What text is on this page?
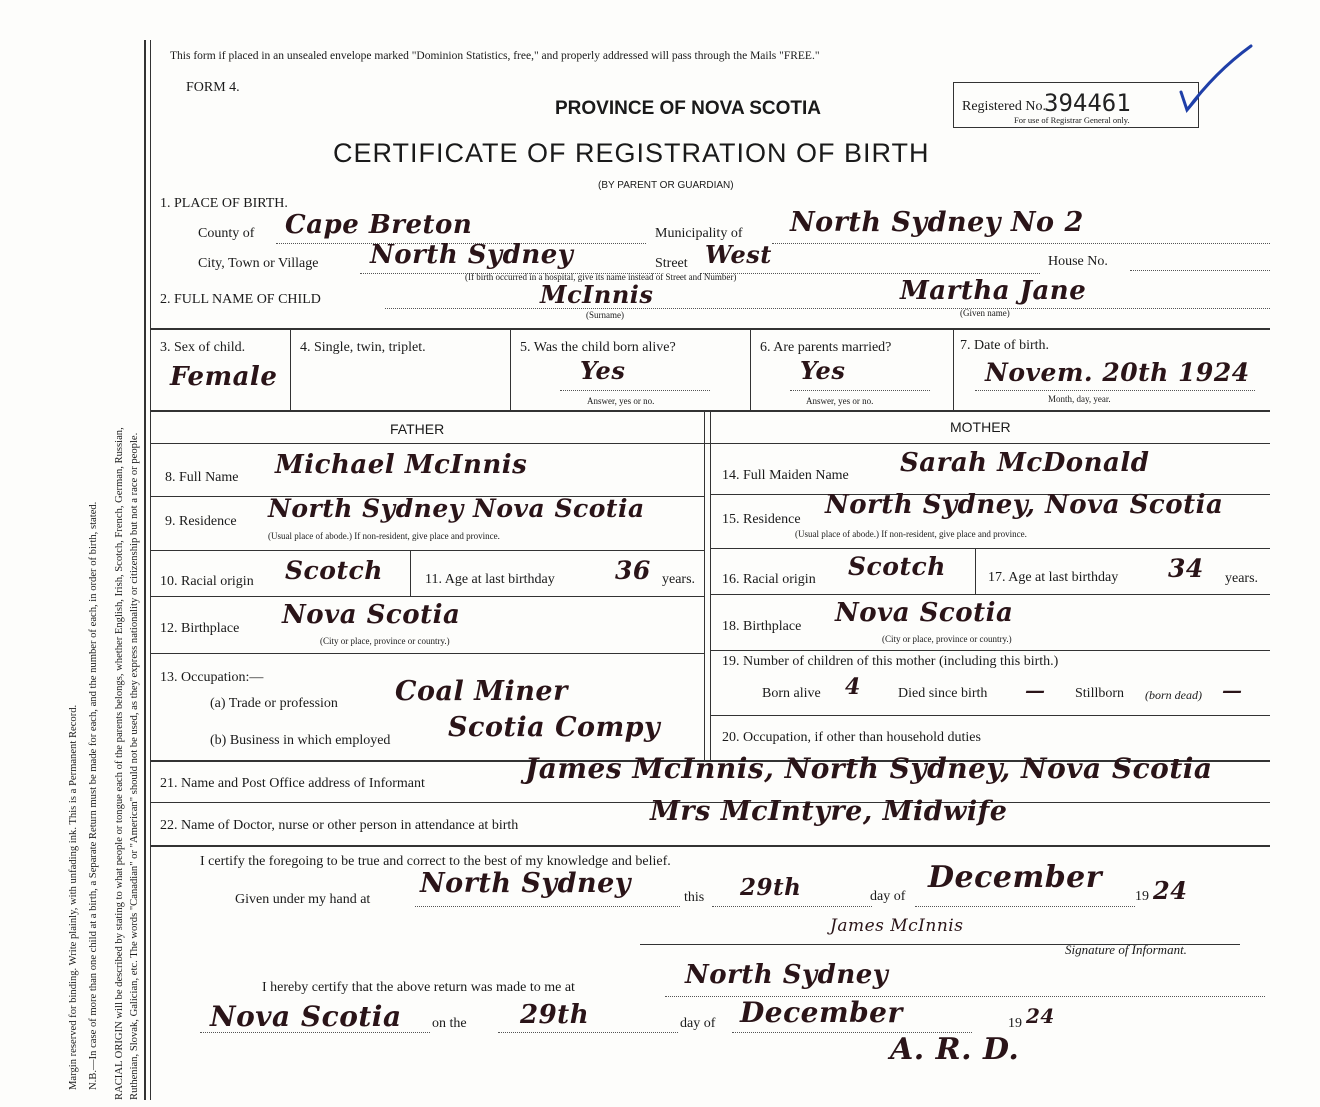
Margin reserved for binding. Write plainly, with unfading ink. This is a Permanent Record. N.B.—In case of more than one child at a birth, a Separate Return must be made for each, and the number of each, in order of birth, stated. RACIAL ORIGIN will be described by stating to what people or tongue each of the parents belongs, whether English, Irish, Scotch, French, German, Russian, Ruthenian, Slovak, Galician, etc. The words "Canadian" or "American" should not be used, as they express nationality or citizenship but not a race or people.
This form if placed in an unsealed envelope marked "Dominion Statistics, free," and properly addressed will pass through the Mails "FREE."
FORM 4.
PROVINCE OF NOVA SCOTIA
CERTIFICATE OF REGISTRATION OF BIRTH
(BY PARENT OR GUARDIAN)
Registered No.
394461
For use of Registrar General only.
1. PLACE OF BIRTH.
County of Cape Breton	Municipality of North Sydney No 2
City, Town or Village North Sydney	Street West	House No.
(If birth occurred in a hospital, give its name instead of Street and Number)
2. FULL NAME OF CHILD	McInnis
(Surname)
Martha Jane
(Given name)
3. Sex of child.
Female
4. Single, twin, triplet.	5. Was the child born alive?
Yes
Answer, yes or no.
6. Are parents married?
Yes
Answer, yes or no.
7. Date of birth.
Novem. 20th 1924
Month, day, year.
FATHER	MOTHER
8. Full Name Michael McInnis
9. Residence North Sydney Nova Scotia
(Usual place of abode.) If non-resident, give place and province.
10. Racial origin Scotch	11. Age at last birthday 36 years.
12. Birthplace Nova Scotia
(City or place, province or country.)
13. Occupation:—
(a) Trade or profession Coal Miner
(b) Business in which employed Scotia Compy
14. Full Maiden Name Sarah McDonald
15. Residence North Sydney, Nova Scotia
(Usual place of abode.) If non-resident, give place and province.
16. Racial origin Scotch	17. Age at last birthday 34 years.
18. Birthplace Nova Scotia
(City or place, province or country.)
19. Number of children of this mother (including this birth.)
Born alive 4	Died since birth — Stillborn (born dead) —
20. Occupation, if other than household duties
21. Name and Post Office address of Informant	James McInnis, North Sydney, Nova Scotia
22. Name of Doctor, nurse or other person in attendance at birth	Mrs McIntyre, Midwife
I certify the foregoing to be true and correct to the best of my knowledge and belief.
Given under my hand at
North Sydney	this 29th	day of
December
19 24
James McInnis
Signature of Informant.
I hereby certify that the above return was made to me at	North Sydney
Nova Scotia on the 29th	day of December	19 24
A. R. D.
